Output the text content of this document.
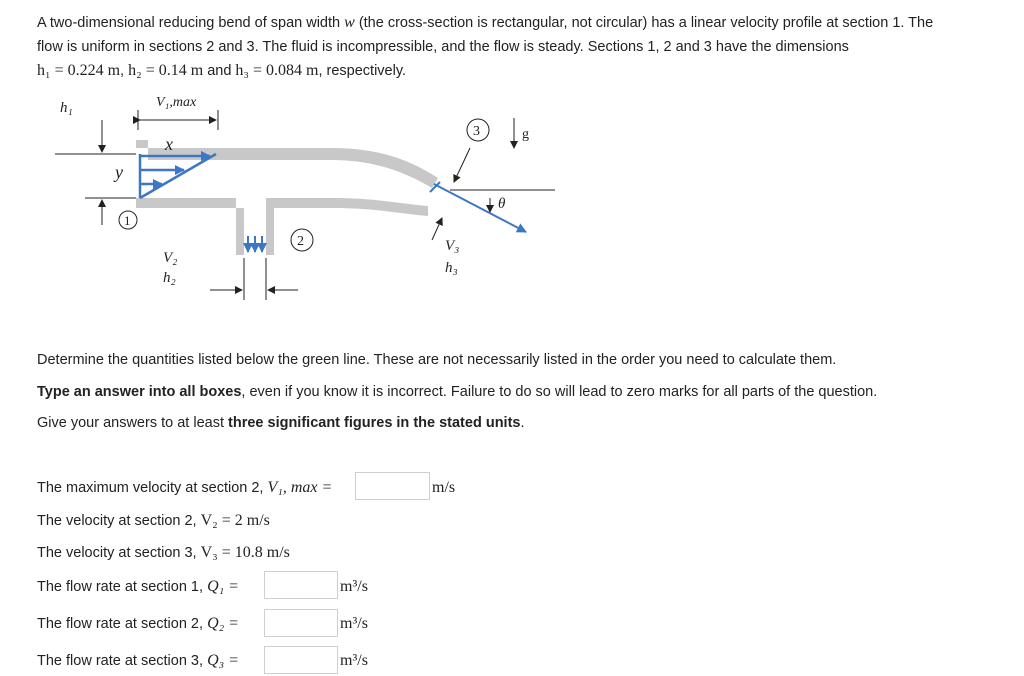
A two-dimensional reducing bend of span width w (the cross-section is rectangular, not circular) has a linear velocity profile at section 1. The
flow is uniform in sections 2 and 3. The fluid is incompressible, and the flow is steady. Sections 1, 2 and 3 have the dimensions
h₁ = 0.224 m, h₂ = 0.14 m and h₃ = 0.084 m, respectively.
x
y
1
2
V₂
h₂
3
V₃
h₃
g
θ
h₁	V₁,max
Determine the quantities listed below the green line. These are not necessarily listed in the order you need to calculate them.
Type an answer into all boxes, even if you know it is incorrect. Failure to do so will lead to zero marks for all parts of the question.
Give your answers to at least three significant figures in the stated units.
The maximum velocity at section 2, V₁, max =	m/s
The velocity at section 2, V₂ = 2 m/s
The velocity at section 3, V₃ = 10.8 m/s
The flow rate at section 1, Q₁ =	m³/s
The flow rate at section 2, Q₂ =	m³/s
The flow rate at section 3, Q₃ =	m³/s
